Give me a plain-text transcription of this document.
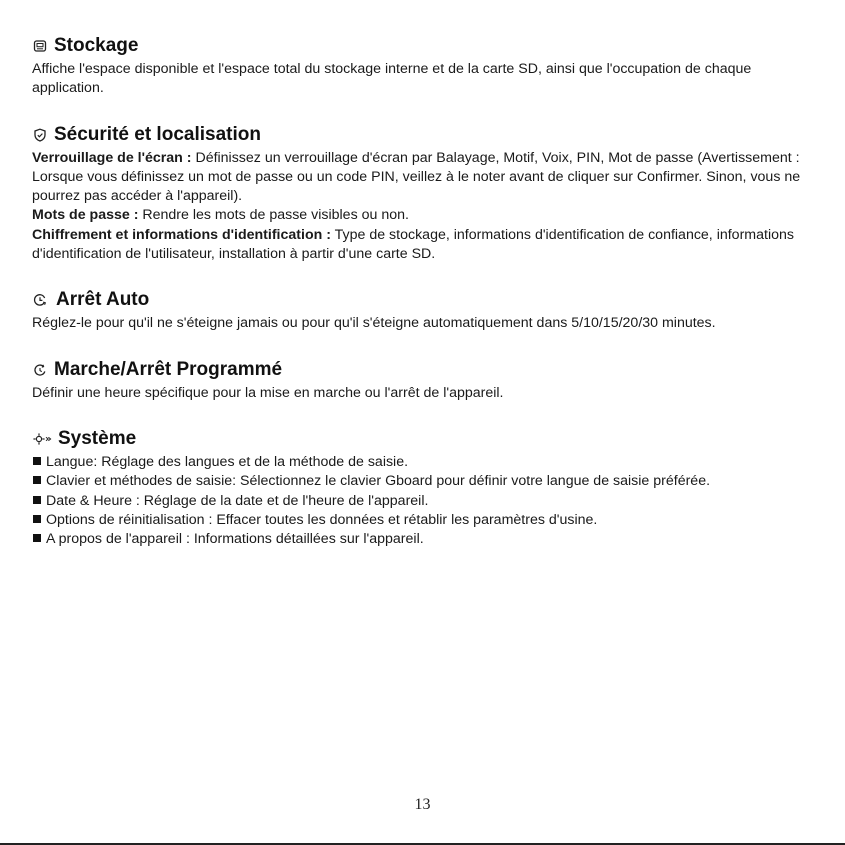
Stockage

Affiche l'espace disponible et l'espace total du stockage interne et de la carte SD, ainsi que l'occupation de chaque application.

Sécurité et localisation

Verrouillage de l'écran : Définissez un verrouillage d'écran par Balayage, Motif, Voix, PIN, Mot de passe (Avertissement : Lorsque vous définissez un mot de passe ou un code PIN, veillez à le noter avant de cliquer sur Confirmer. Sinon, vous ne pourrez pas accéder à l'appareil).

Mots de passe : Rendre les mots de passe visibles ou non.

Chiffrement et informations d'identification : Type de stockage, informations d'identification de confiance, informations d'identification de l'utilisateur, installation à partir d'une carte SD.

Arrêt Auto

Réglez-le pour qu'il ne s'éteigne jamais ou pour qu'il s'éteigne automatiquement dans 5/10/15/20/30 minutes.

Marche/Arrêt Programmé

Définir une heure spécifique pour la mise en marche ou l'arrêt de l'appareil.

Système
Langue: Réglage des langues et de la méthode de saisie.
Clavier et méthodes de saisie: Sélectionnez le clavier Gboard pour définir votre langue de saisie préférée.
Date & Heure : Réglage de la date et de l'heure de l'appareil.
Options de réinitialisation : Effacer toutes les données et rétablir les paramètres d'usine.
A propos de l'appareil : Informations détaillées sur l'appareil.
13
